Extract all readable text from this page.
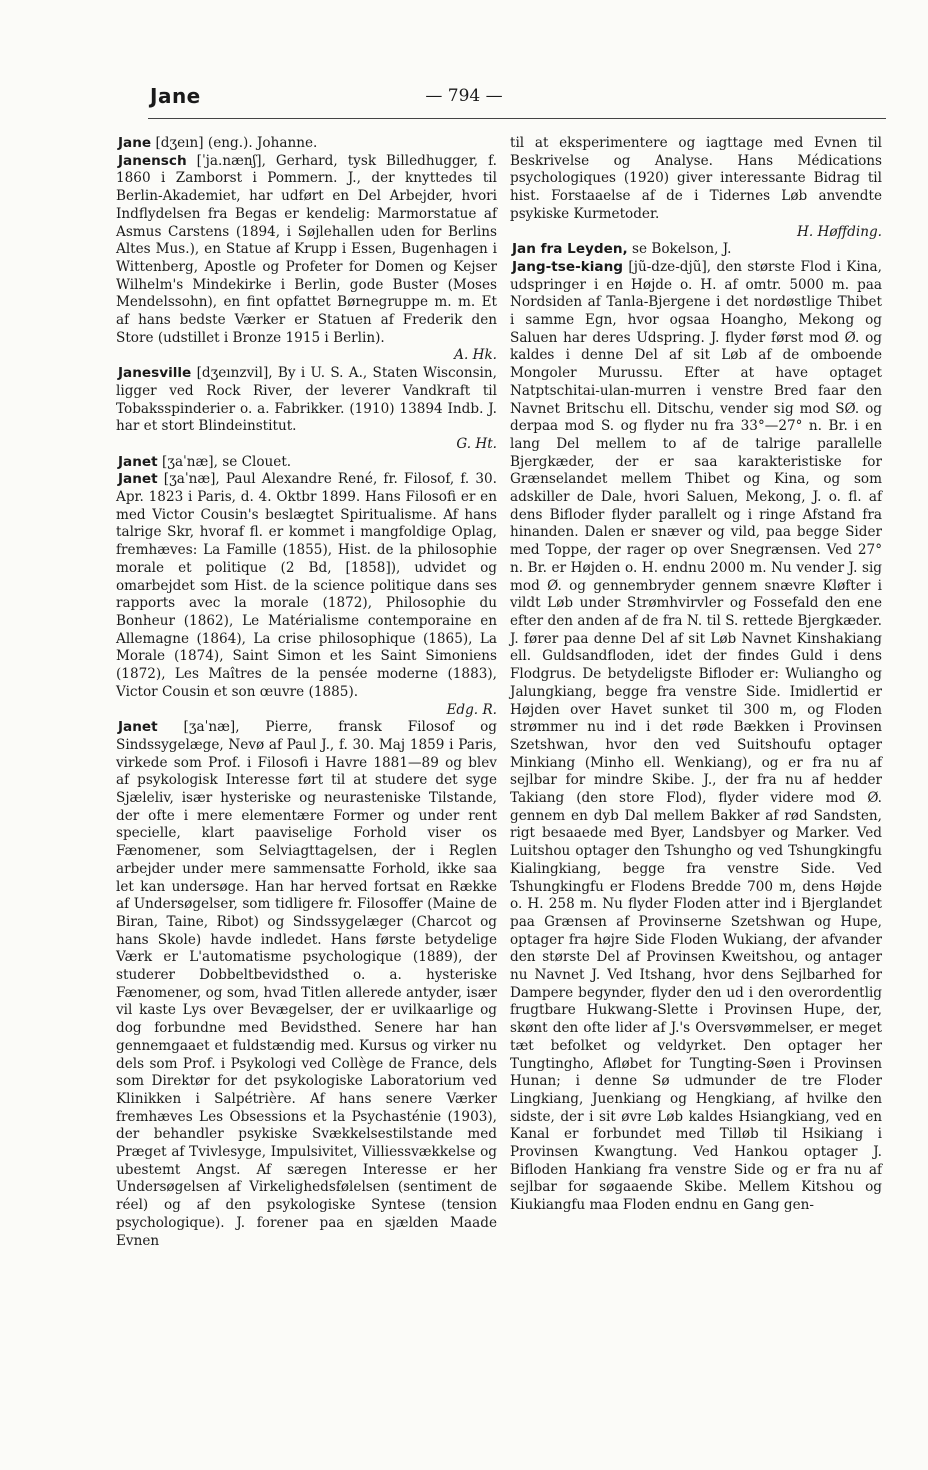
Jane	— 794 —

Jane [dʒeın] (eng.). Johanne.

Janensch [ˈja.nænʃ], Gerhard, tysk Billedhugger, f. 1860 i Zamborst i Pommern. J., der knyttedes til Berlin-Akademiet, har udført en Del Arbejder, hvori Indflydelsen fra Begas er kendelig: Marmorstatue af Asmus Carstens (1894, i Søjlehallen uden for Berlins Altes Mus.), en Statue af Krupp i Essen, Bugenhagen i Wittenberg, Apostle og Profeter for Domen og Kejser Wilhelm's Mindekirke i Berlin, gode Buster (Moses Mendelssohn), en fint opfattet Børnegruppe m. m. Et af hans bedste Værker er Statuen af Frederik den Store (udstillet i Bronze 1915 i Berlin).
A. Hk.

Janesville [dʒeınzvil], By i U. S. A., Staten Wisconsin, ligger ved Rock River, der leverer Vandkraft til Tobaksspinderier o. a. Fabrikker. (1910) 13894 Indb. J. har et stort Blindeinstitut.
G. Ht.

Janet [ʒaˈnæ], se Clouet.

Janet [ʒaˈnæ], Paul Alexandre René, fr. Filosof, f. 30. Apr. 1823 i Paris, d. 4. Oktbr 1899. Hans Filosofi er en med Victor Cousin's beslægtet Spiritualisme. Af hans talrige Skr, hvoraf fl. er kommet i mangfoldige Oplag, fremhæves: La Famille (1855), Hist. de la philosophie morale et politique (2 Bd, [1858]), udvidet og omarbejdet som Hist. de la science politique dans ses rapports avec la morale (1872), Philosophie du Bonheur (1862), Le Matérialisme contemporaine en Allemagne (1864), La crise philosophique (1865), La Morale (1874), Saint Simon et les Saint Simoniens (1872), Les Maîtres de la pensée moderne (1883), Victor Cousin et son œuvre (1885).
Edg. R.

Janet [ʒaˈnæ], Pierre, fransk Filosof og Sindssygelæge, Nevø af Paul J., f. 30. Maj 1859 i Paris, virkede som Prof. i Filosofi i Havre 1881—89 og blev af psykologisk Interesse ført til at studere det syge Sjæleliv, især hysteriske og neurasteniske Tilstande, der ofte i mere elementære Former og under rent specielle, klart paaviselige Forhold viser os Fænomener, som Selviagttagelsen, der i Reglen arbejder under mere sammensatte Forhold, ikke saa let kan undersøge. Han har herved fortsat en Række af Undersøgelser, som tidligere fr. Filosoffer (Maine de Biran, Taine, Ribot) og Sindssygelæger (Charcot og hans Skole) havde indledet. Hans første betydelige Værk er L'automatisme psychologique (1889), der studerer Dobbeltbevidsthed o. a. hysteriske Fænomener, og som, hvad Titlen allerede antyder, især vil kaste Lys over Bevægelser, der er uvilkaarlige og dog forbundne med Bevidsthed. Senere har han gennemgaaet et fuldstændig med. Kursus og virker nu dels som Prof. i Psykologi ved Collège de France, dels som Direktør for det psykologiske Laboratorium ved Klinikken i Salpétrière. Af hans senere Værker fremhæves Les Obsessions et la Psychasténie (1903), der behandler psykiske Svækkelsestilstande med Præget af Tvivlesyge, Impulsivitet, Villiessvækkelse og ubestemt Angst. Af særegen Interesse er her Undersøgelsen af Virkelighedsfølelsen (sentiment de réel) og af den psykologiske Syntese (tension psychologique). J. forener paa en sjælden Maade Evnen

til at eksperimentere og iagttage med Evnen til Beskrivelse og Analyse. Hans Médications psychologiques (1920) giver interessante Bidrag til hist. Forstaaelse af de i Tidernes Løb anvendte psykiske Kurmetoder.
H. Høffding.

Jan fra Leyden, se Bokelson, J.

Jang-tse-kiang [jũ-dze-djũ], den største Flod i Kina, udspringer i en Højde o. H. af omtr. 5000 m. paa Nordsiden af Tanla-Bjergene i det nordøstlige Thibet i samme Egn, hvor ogsaa Hoangho, Mekong og Saluen har deres Udspring. J. flyder først mod Ø. og kaldes i denne Del af sit Løb af de omboende Mongoler Murussu. Efter at have optaget Natptschitai-ulan-murren i venstre Bred faar den Navnet Britschu ell. Ditschu, vender sig mod SØ. og derpaa mod S. og flyder nu fra 33°—27° n. Br. i en lang Del mellem to af de talrige parallelle Bjergkæder, der er saa karakteristiske for Grænselandet mellem Thibet og Kina, og som adskiller de Dale, hvori Saluen, Mekong, J. o. fl. af dens Bifloder flyder parallelt og i ringe Afstand fra hinanden. Dalen er snæver og vild, paa begge Sider med Toppe, der rager op over Snegrænsen. Ved 27° n. Br. er Højden o. H. endnu 2000 m. Nu vender J. sig mod Ø. og gennembryder gennem snævre Kløfter i vildt Løb under Strømhvirvler og Fossefald den ene efter den anden af de fra N. til S. rettede Bjergkæder. J. fører paa denne Del af sit Løb Navnet Kinshakiang ell. Guldsandfloden, idet der findes Guld i dens Flodgrus. De betydeligste Bifloder er: Wuliangho og Jalungkiang, begge fra venstre Side. Imidlertid er Højden over Havet sunket til 300 m, og Floden strømmer nu ind i det røde Bækken i Provinsen Szetshwan, hvor den ved Suitshoufu optager Minkiang (Minho ell. Wenkiang), og er fra nu af sejlbar for mindre Skibe. J., der fra nu af hedder Takiang (den store Flod), flyder videre mod Ø. gennem en dyb Dal mellem Bakker af rød Sandsten, rigt besaaede med Byer, Landsbyer og Marker. Ved Luitshou optager den Tshungho og ved Tshungkingfu Kialingkiang, begge fra venstre Side. Ved Tshungkingfu er Flodens Bredde 700 m, dens Højde o. H. 258 m. Nu flyder Floden atter ind i Bjerglandet paa Grænsen af Provinserne Szetshwan og Hupe, optager fra højre Side Floden Wukiang, der afvander den største Del af Provinsen Kweitshou, og antager nu Navnet J. Ved Itshang, hvor dens Sejlbarhed for Dampere begynder, flyder den ud i den overordentlig frugtbare Hukwang-Slette i Provinsen Hupe, der, skønt den ofte lider af J.'s Oversvømmelser, er meget tæt befolket og veldyrket. Den optager her Tungtingho, Afløbet for Tungting-Søen i Provinsen Hunan; i denne Sø udmunder de tre Floder Lingkiang, Juenkiang og Hengkiang, af hvilke den sidste, der i sit øvre Løb kaldes Hsiangkiang, ved en Kanal er forbundet med Tilløb til Hsikiang i Provinsen Kwangtung. Ved Hankou optager J. Bifloden Hankiang fra venstre Side og er fra nu af sejlbar for søgaaende Skibe. Mellem Kitshou og Kiukiangfu maa Floden endnu en Gang gen-
